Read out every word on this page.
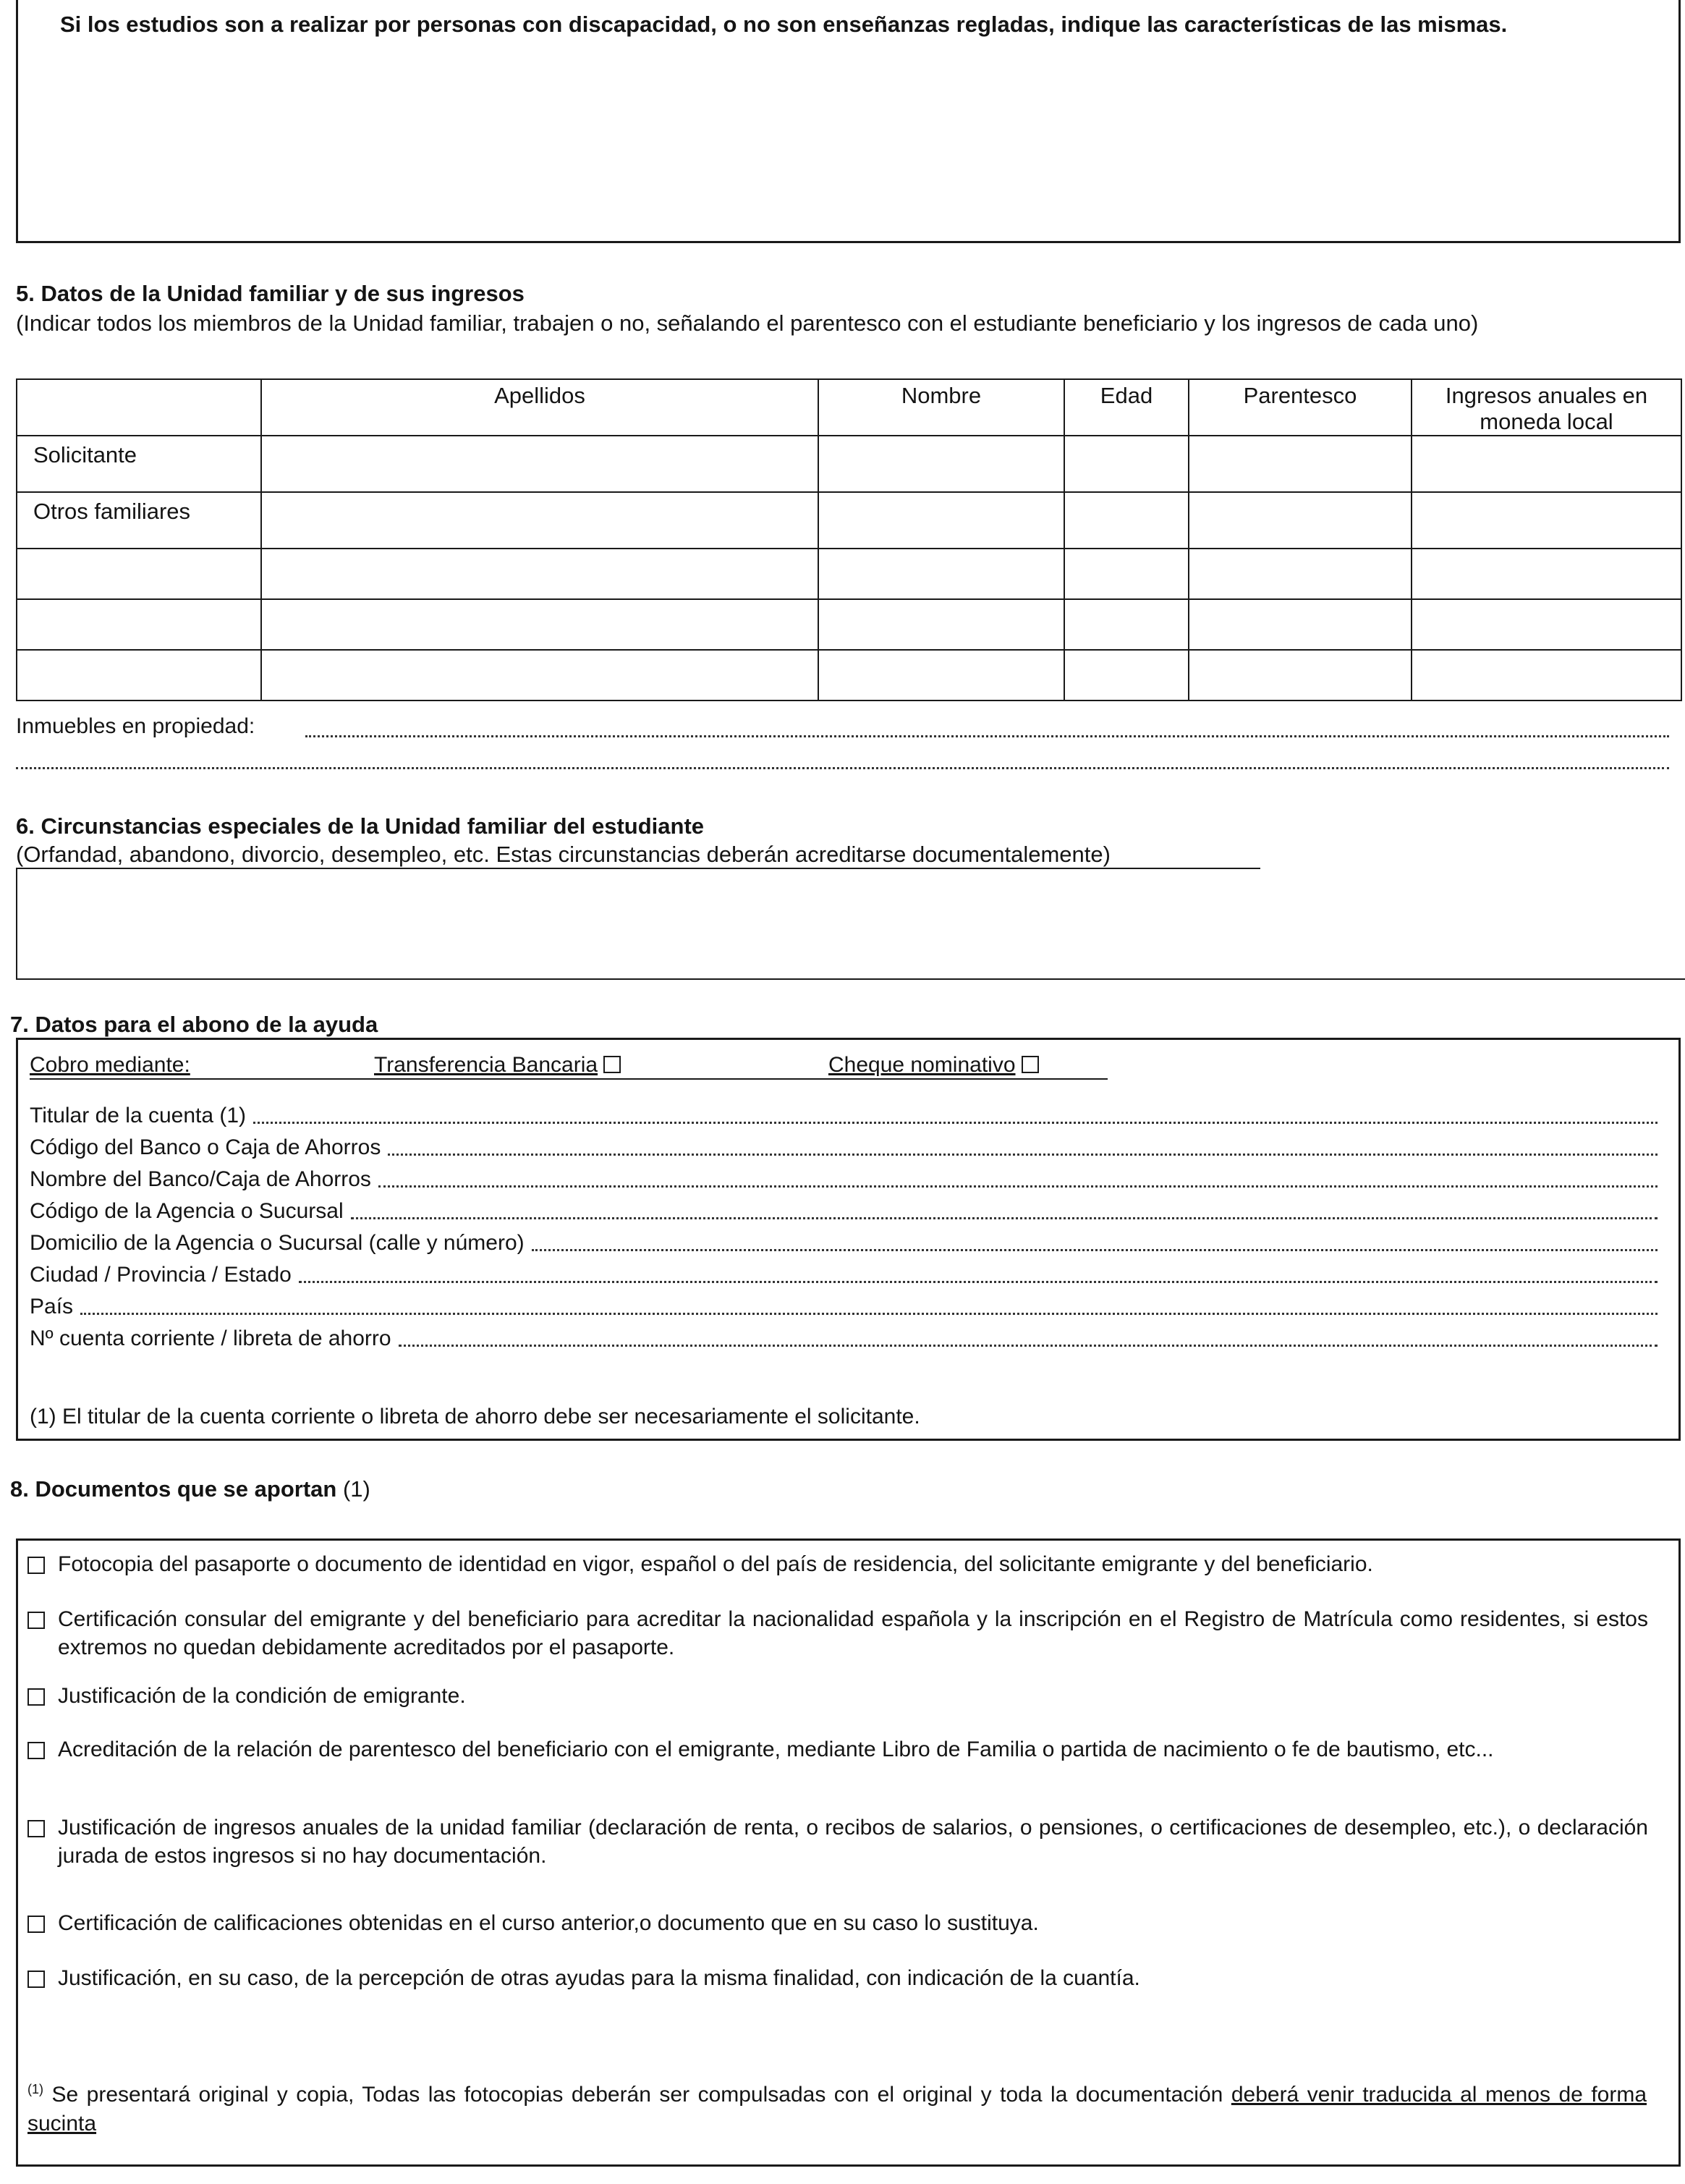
Si los estudios son a realizar por personas con discapacidad, o no son enseñanzas regladas, indique las características de las mismas.
5. Datos de la Unidad familiar y de sus ingresos
(Indicar todos los miembros de la Unidad familiar, trabajen o no, señalando el parentesco con el estudiante beneficiario y los ingresos de cada uno)
	Apellidos	Nombre	Edad	Parentesco	Ingresos anuales en moneda local
Solicitante					
Otros familiares					

Inmuebles en propiedad:
6. Circunstancias especiales de la Unidad familiar del estudiante
(Orfandad, abandono, divorcio, desempleo, etc. Estas circunstancias deberán acreditarse documentalemente)
7. Datos para el abono de la ayuda
Cobro mediante:	Transferencia Bancaria	Cheque nominativo
Titular de la cuenta (1)
Código del Banco o Caja de Ahorros
Nombre del Banco/Caja de Ahorros
Código de la Agencia o Sucursal
Domicilio de la Agencia o Sucursal (calle y número)
Ciudad / Provincia / Estado
País
Nº cuenta corriente / libreta de ahorro
(1) El titular de la cuenta corriente o libreta de ahorro debe ser necesariamente el solicitante.
8. Documentos que se aportan (1)
Fotocopia del pasaporte o documento de identidad en vigor, español o del país de residencia, del solicitante emigrante y del beneficiario.
Certificación consular del emigrante y del beneficiario para acreditar la nacionalidad española y la inscripción en el Registro de Matrícula como residentes, si estos extremos no quedan debidamente acreditados por el pasaporte.
Justificación de la condición de emigrante.
Acreditación de la relación de parentesco del beneficiario con el emigrante, mediante Libro de Familia o partida de nacimiento o fe de bautismo, etc...
Justificación de ingresos anuales de la unidad familiar (declaración de renta, o recibos de salarios, o pensiones, o certificaciones de desempleo, etc.), o declaración jurada de estos ingresos si no hay documentación.
Certificación de calificaciones obtenidas en el curso anterior,o documento que en su caso lo sustituya.
Justificación, en su caso, de la percepción de otras ayudas para la misma finalidad, con indicación de la cuantía.
$^{(1)}$ Se presentará original y copia, Todas las fotocopias deberán ser compulsadas con el original y toda la documentación deberá venir traducida al menos de forma sucinta
